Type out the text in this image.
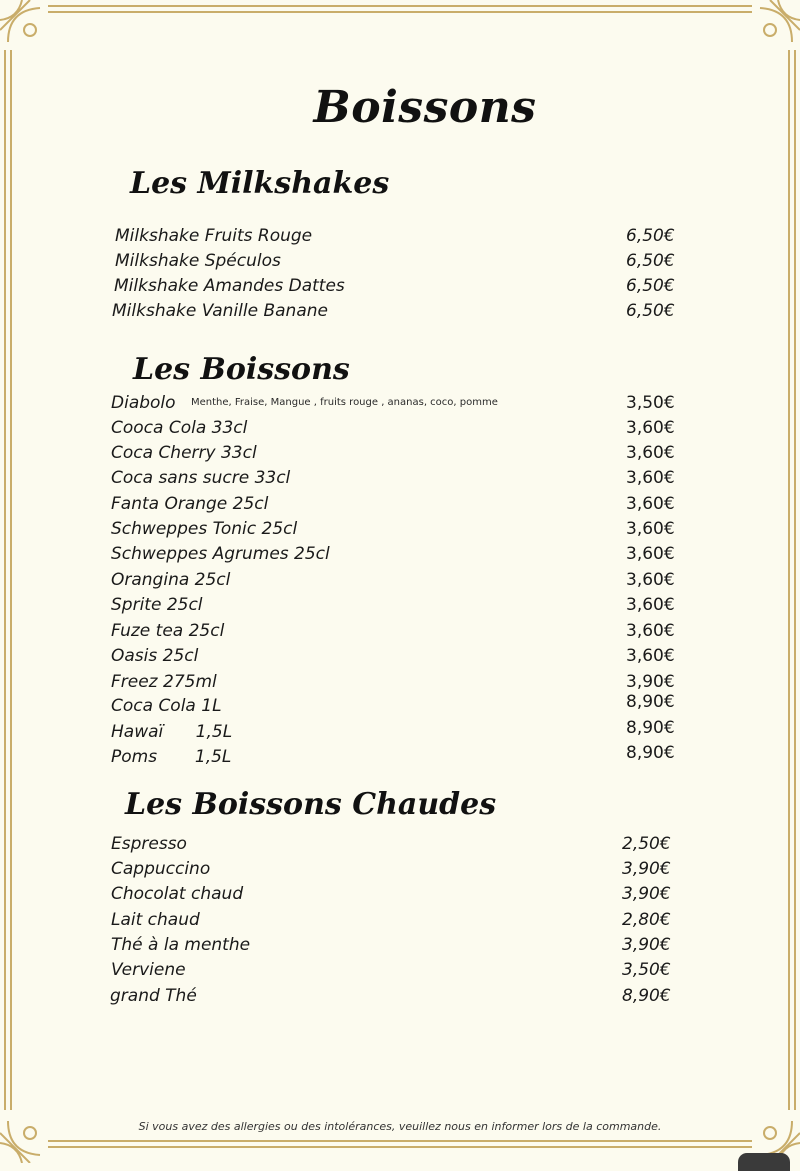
Boissons
Les Milkshakes
Milkshake Fruits Rouge	6,50€
Milkshake Spéculos	6,50€
Milkshake Amandes Dattes	6,50€
Milkshake Vanille Banane	6,50€
Les Boissons
Diabolo Menthe, Fraise, Mangue , fruits rouge , ananas, coco, pomme	3,50€
Cooca Cola 33cl	3,60€
Coca Cherry 33cl	3,60€
Coca sans sucre 33cl	3,60€
Fanta Orange 25cl	3,60€
Schweppes Tonic 25cl	3,60€
Schweppes Agrumes 25cl	3,60€
Orangina 25cl	3,60€
Sprite 25cl	3,60€
Fuze tea 25cl	3,60€
Oasis 25cl	3,60€
Freez 275ml	3,90€
Coca Cola 1L	8,90€
Hawaï      1,5L	8,90€
Poms       1,5L	8,90€
Les Boissons Chaudes
Espresso	2,50€
Cappuccino	3,90€
Chocolat chaud	3,90€
Lait chaud	2,80€
Thé à la menthe	3,90€
Verviene	3,50€
grand Thé	8,90€
Si vous avez des allergies ou des intolérances, veuillez nous en informer lors de la commande.
